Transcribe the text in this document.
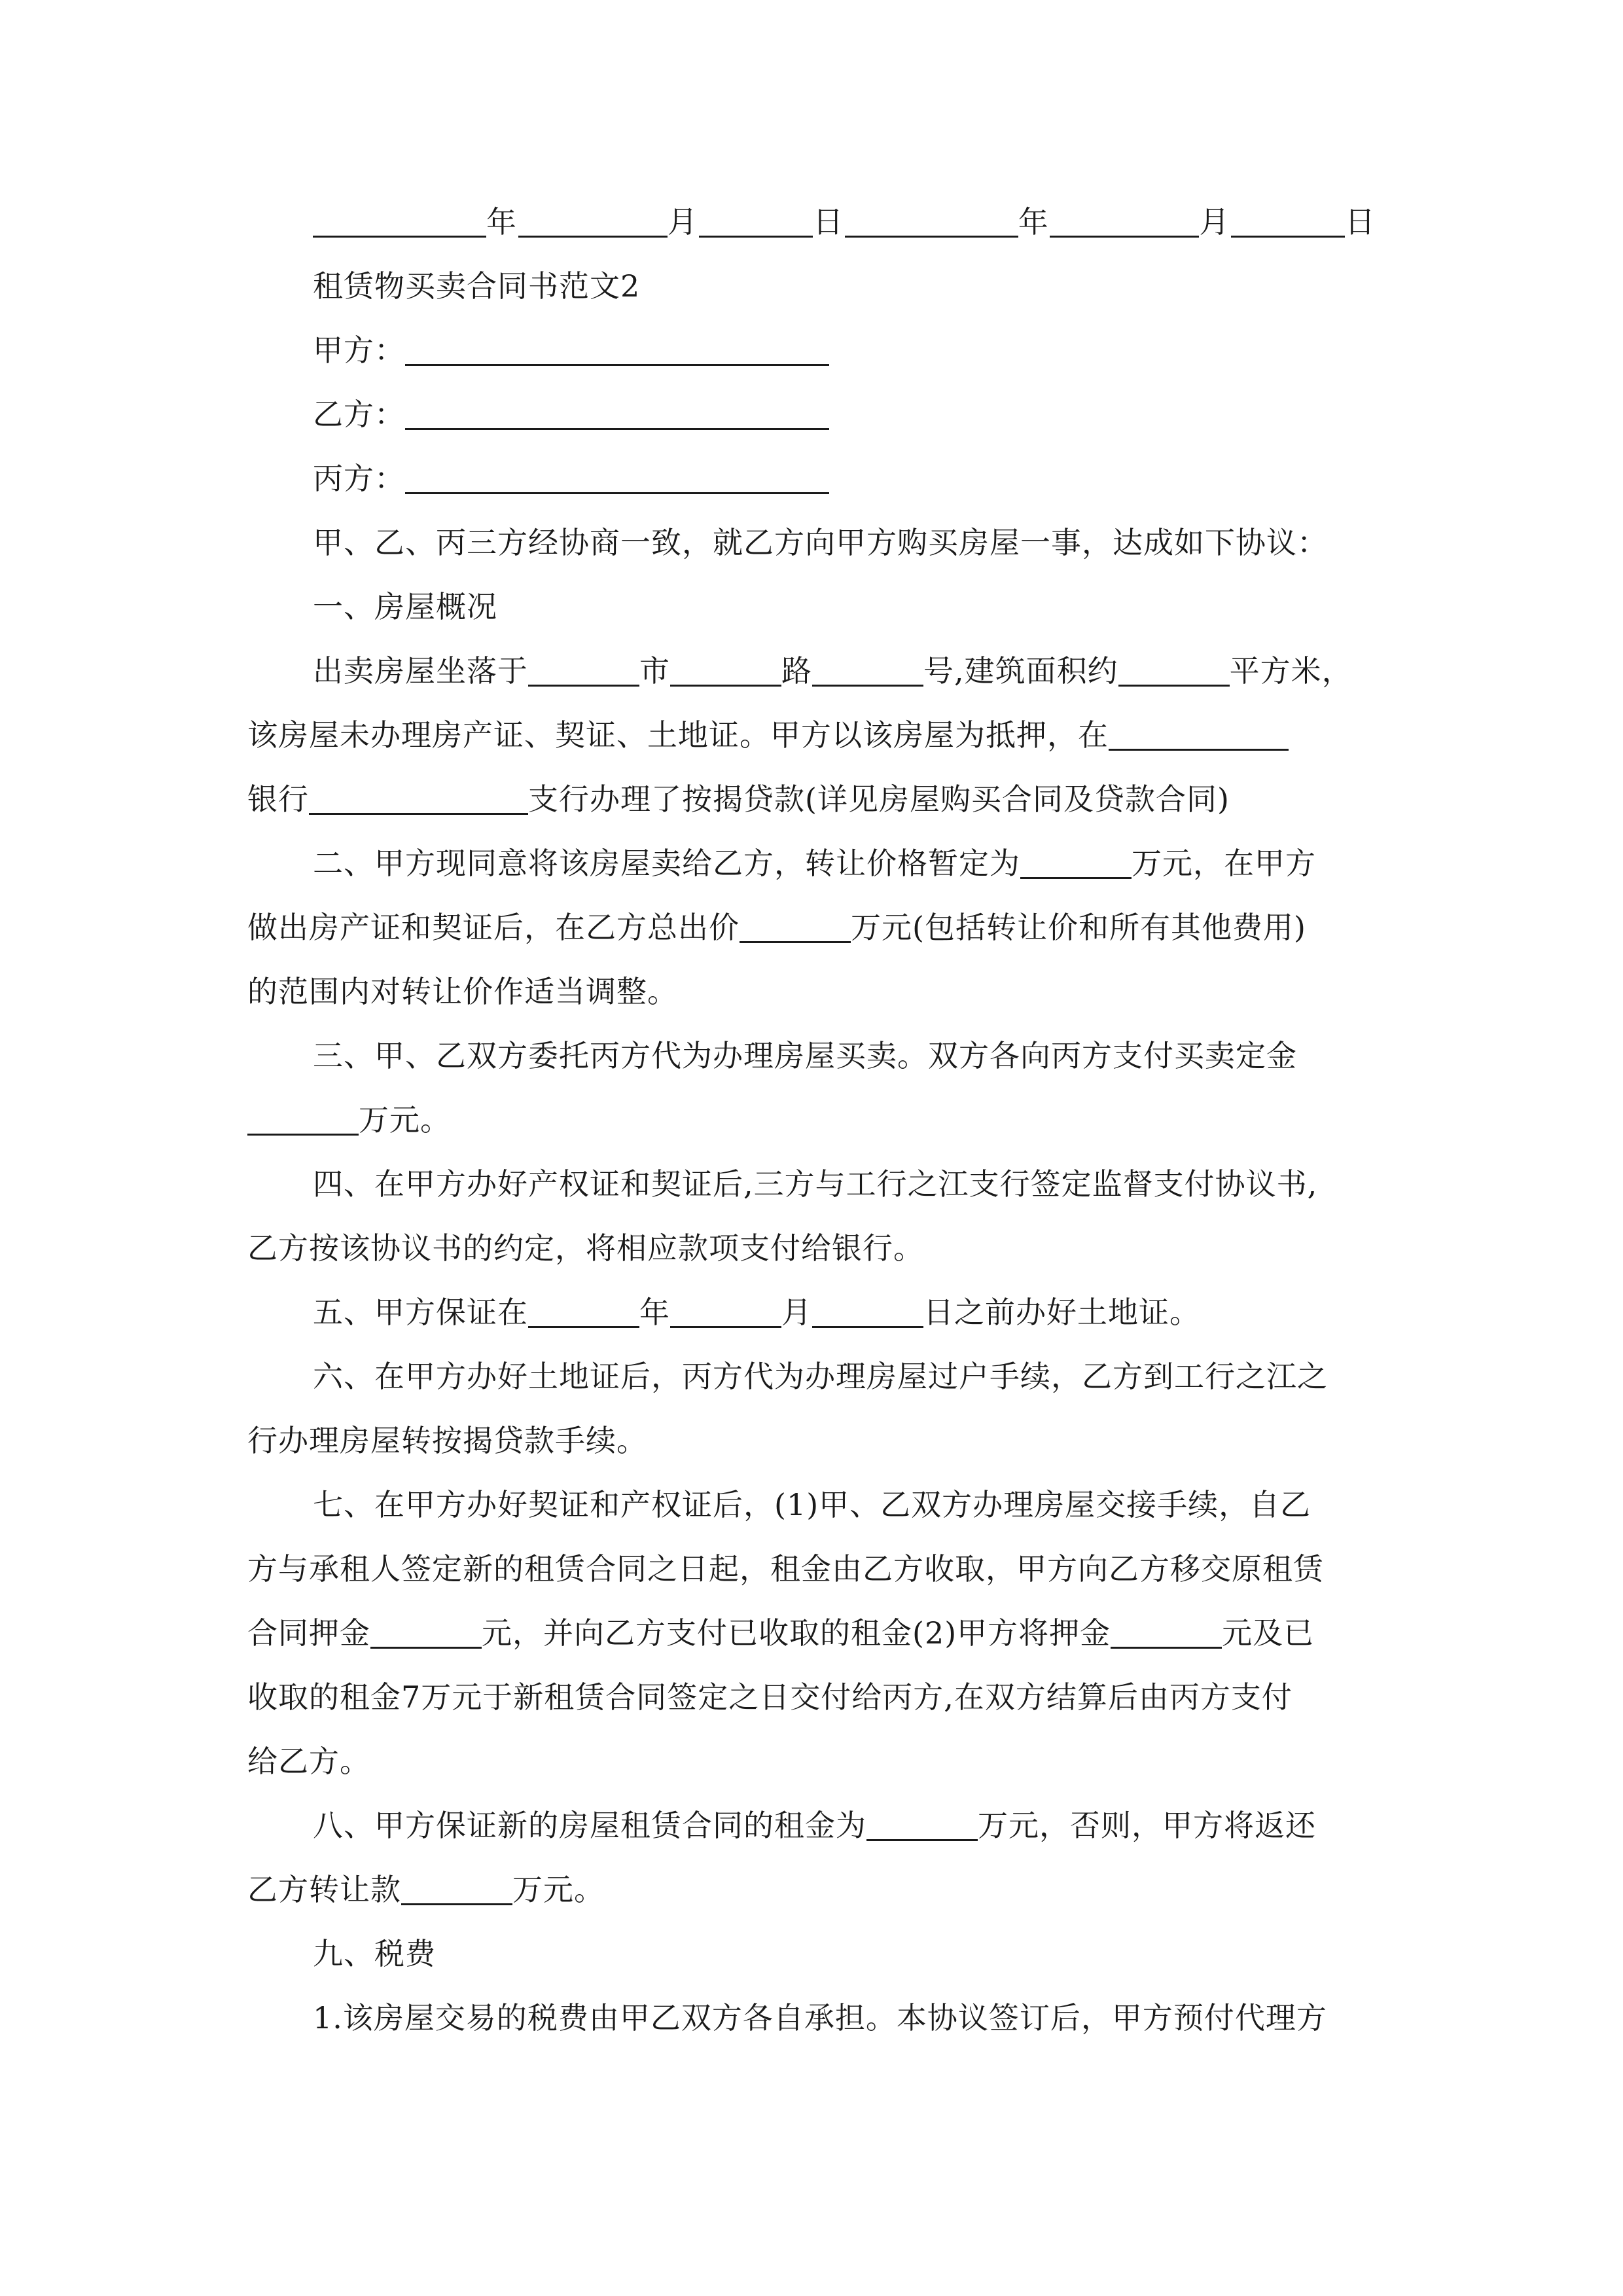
年	月	日	年	月	日
租赁物买卖合同书范文2
甲方：
乙方：
丙方：
甲、乙、丙三方经协商一致，就乙方向甲方购买房屋一事，达成如下协议：
一、房屋概况
出卖房屋坐落于	市	路	号,建筑面积约	平方米，
该房屋未办理房产证、契证、土地证。甲方以该房屋为抵押，在
银行	支行办理了按揭贷款(详见房屋购买合同及贷款合同)
二、甲方现同意将该房屋卖给乙方，转让价格暂定为	万元，在甲方
做出房产证和契证后，在乙方总出价	万元(包括转让价和所有其他费用)
的范围内对转让价作适当调整。
三、甲、乙双方委托丙方代为办理房屋买卖。双方各向丙方支付买卖定金
万元。
四、在甲方办好产权证和契证后,三方与工行之江支行签定监督支付协议书,
乙方按该协议书的约定，将相应款项支付给银行。
五、甲方保证在	年	月	日之前办好土地证。
六、在甲方办好土地证后，丙方代为办理房屋过户手续，乙方到工行之江之
行办理房屋转按揭贷款手续。
七、在甲方办好契证和产权证后，(1)甲、乙双方办理房屋交接手续，自乙
方与承租人签定新的租赁合同之日起，租金由乙方收取，甲方向乙方移交原租赁
合同押金	元，并向乙方支付已收取的租金(2)甲方将押金	元及已
收取的租金7万元于新租赁合同签定之日交付给丙方,在双方结算后由丙方支付
给乙方。
八、甲方保证新的房屋租赁合同的租金为	万元，否则，甲方将返还
乙方转让款	万元。
九、税费
1.该房屋交易的税费由甲乙双方各自承担。本协议签订后，甲方预付代理方
